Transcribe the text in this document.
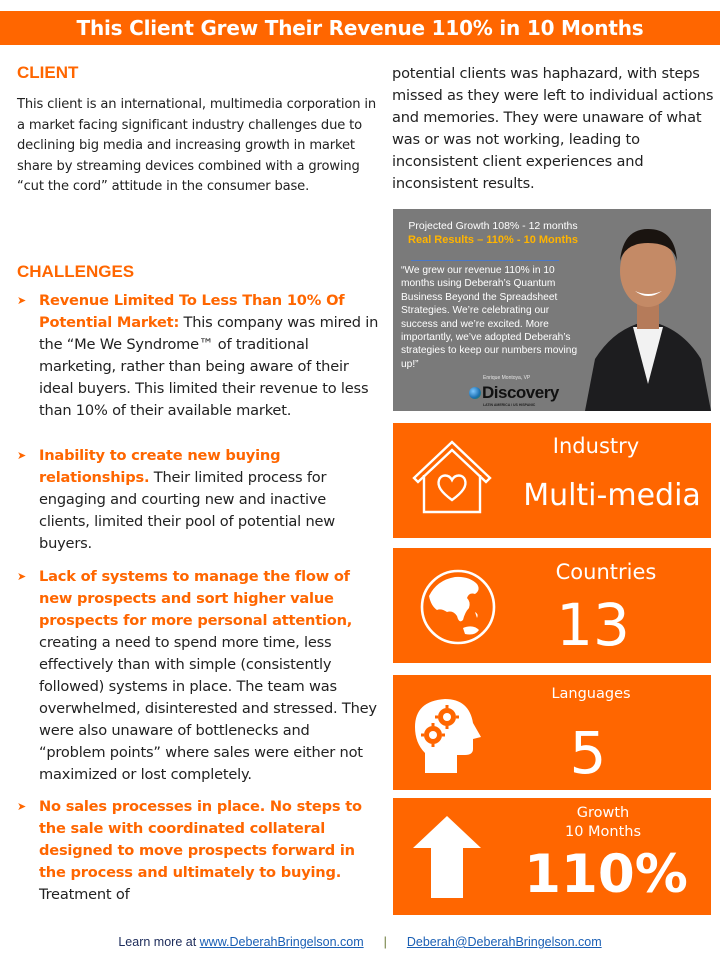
This Client Grew Their Revenue 110% in 10 Months
CLIENT

This client is an international, multimedia corporation in a market facing significant industry challenges due to declining big media and increasing growth in market share by streaming devices combined with a growing “cut the cord” attitude in the consumer base.

CHALLENGES
➤ Revenue Limited To Less Than 10% Of Potential Market: This company was mired in the “Me We Syndrome™ of traditional marketing, rather than being aware of their ideal buyers. This limited their revenue to less than 10% of their available market.
➤ Inability to create new buying relationships. Their limited process for engaging and courting new and inactive clients, limited their pool of potential new buyers.
➤ Lack of systems to manage the flow of new prospects and sort higher value prospects for more personal attention, creating a need to spend more time, less effectively than with simple (consistently followed) systems in place. The team was overwhelmed, disinterested and stressed. They were also unaware of bottlenecks and “problem points” where sales were either not maximized or lost completely.
➤ No sales processes in place. No steps to the sale with coordinated collateral designed to move prospects forward in the process and ultimately to buying. Treatment of

potential clients was haphazard, with steps missed as they were left to individual actions and memories. They were unaware of what was or was not working, leading to inconsistent client experiences and inconsistent results.

Projected Growth 108% - 12 months
Real Results – 110% - 10 Months
“We grew our revenue 110% in 10 months using Deberah’s Quantum Business Beyond the Spreadsheet Strategies. We’re celebrating our success and we’re excited. More importantly, we’ve adopted Deberah’s strategies to keep our numbers moving up!”
Enrique Montoya, VP
Discovery
LATIN AMERICA / US HISPANIC
Industry
Multi-media
Countries
13
Languages
5
Growth
10 Months
110%
Learn more at www.DeberahBringelson.com | Deberah@DeberahBringelson.com
